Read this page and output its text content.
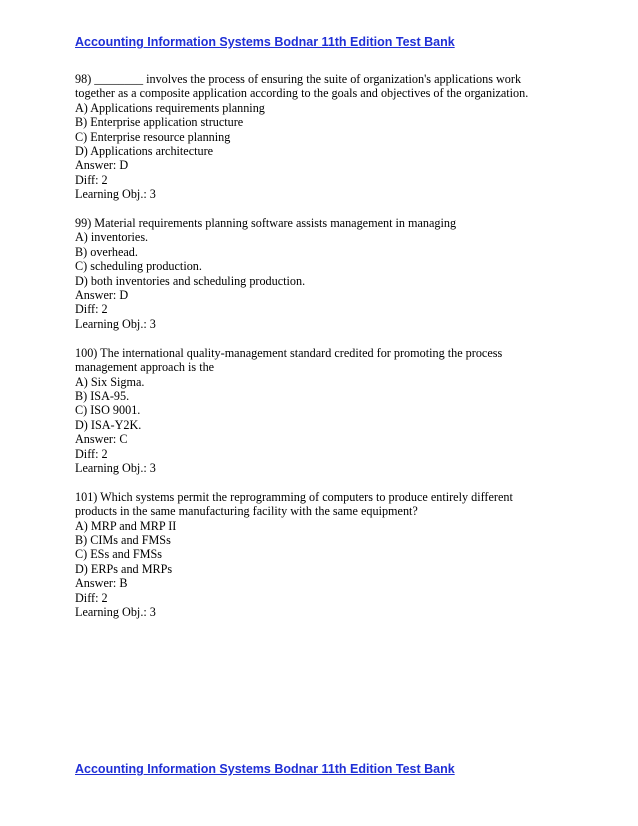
Accounting Information Systems Bodnar 11th Edition Test Bank
98) ________ involves the process of ensuring the suite of organization's applications work
together as a composite application according to the goals and objectives of the organization.
A) Applications requirements planning
B) Enterprise application structure
C) Enterprise resource planning
D) Applications architecture
Answer: D
Diff: 2
Learning Obj.: 3
99) Material requirements planning software assists management in managing
A) inventories.
B) overhead.
C) scheduling production.
D) both inventories and scheduling production.
Answer: D
Diff: 2
Learning Obj.: 3
100) The international quality-management standard credited for promoting the process
management approach is the
A) Six Sigma.
B) ISA-95.
C) ISO 9001.
D) ISA-Y2K.
Answer: C
Diff: 2
Learning Obj.: 3
101) Which systems permit the reprogramming of computers to produce entirely different
products in the same manufacturing facility with the same equipment?
A) MRP and MRP II
B) CIMs and FMSs
C) ESs and FMSs
D) ERPs and MRPs
Answer: B
Diff: 2
Learning Obj.: 3
Accounting Information Systems Bodnar 11th Edition Test Bank
